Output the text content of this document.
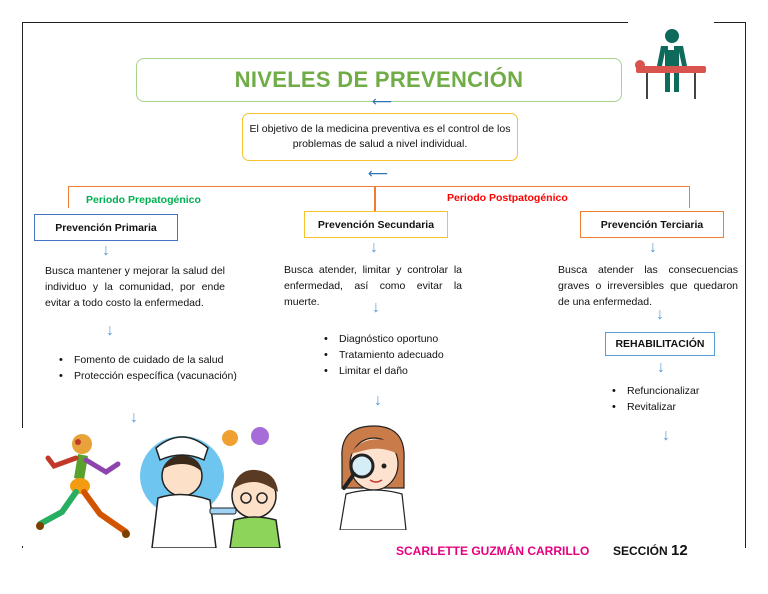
NIVELES DE PREVENCIÓN
⟵
El objetivo de la medicina preventiva es el control de los problemas de salud a nivel individual.
⟵
Periodo Prepatogénico	Periodo Postpatogénico
Prevención Primaria	Prevención Secundaria	Prevención Terciaria
↓	↓	↓
Busca mantener y mejorar la salud del individuo y la comunidad, por ende evitar a todo costo la enfermedad.
Busca atender, limitar y controlar la enfermedad, así como evitar la muerte.
Busca atender las consecuencias graves o irreversibles que quedaron de una enfermedad.
↓
↓	↓
REHABILITACIÓN
↓
• Fomento de cuidado de la salud
• Protección específica (vacunación)
• Diagnóstico oportuno
• Tratamiento adecuado
• Limitar el daño
• Refuncionalizar
• Revitalizar
↓
↓
↓
SCARLETTE GUZMÁN CARRILLO SECCIÓN 12
